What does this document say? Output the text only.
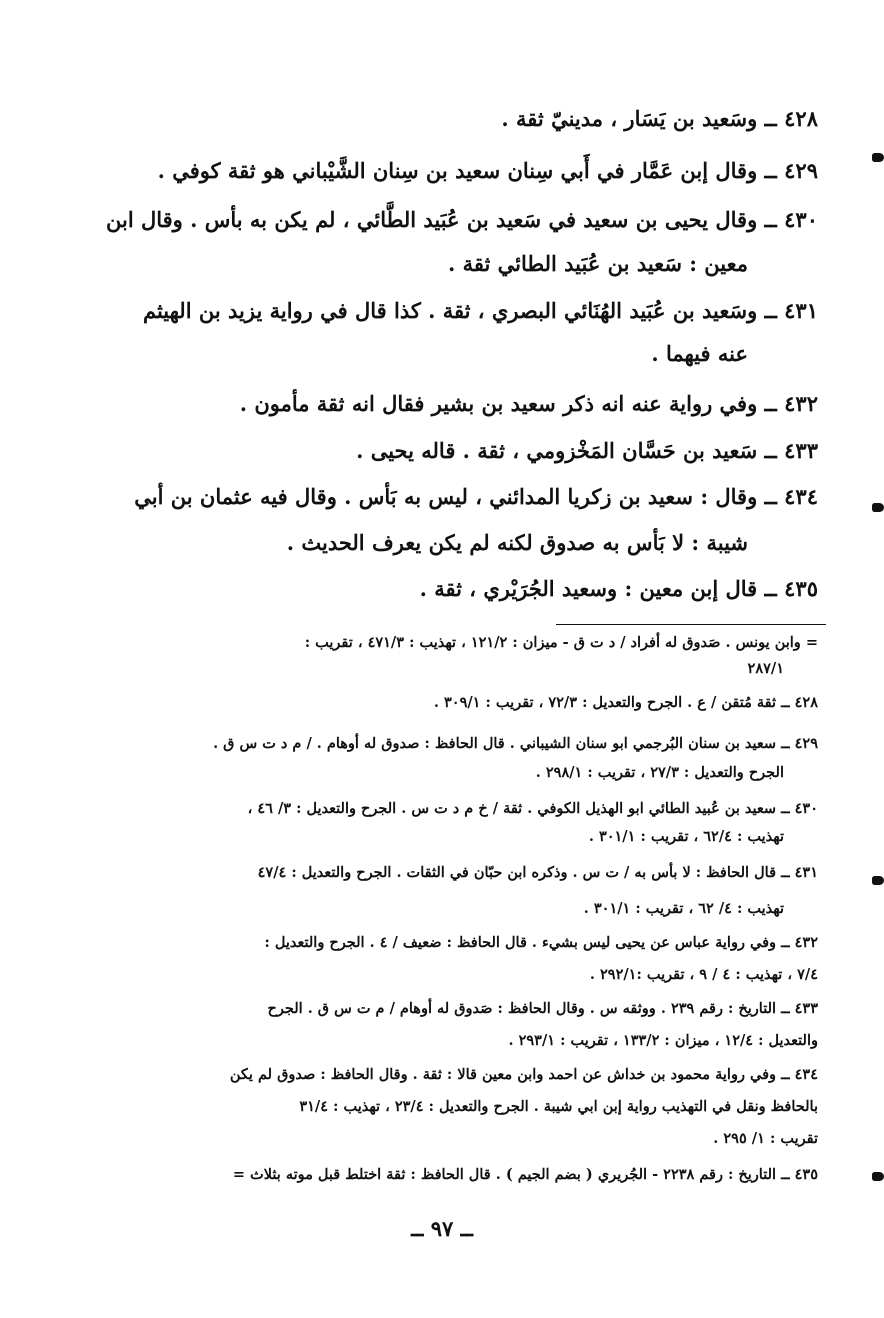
٤٢٨ ــ وسَعيد بن يَسَار ، مدينيّ ثقة .
٤٢٩ ــ وقال إبن عَمَّار في أَبي سِنان سعيد بن سِنان الشَّيْباني هو ثقة كوفي .
٤٣٠ ــ وقال يحيى بن سعيد في سَعيد بن عُبَيد الطَّائي ، لم يكن به بأس . وقال ابن
معين : سَعيد بن عُبَيد الطائي ثقة .
٤٣١ ــ وسَعيد بن عُبَيد الهُنَائي البصري ، ثقة . كذا قال في رواية يزيد بن الهيثم
عنه فيهما .
٤٣٢ ــ وفي رواية عنه انه ذكر سعيد بن بشير فقال انه ثقة مأمون .
٤٣٣ ــ سَعيد بن حَسَّان المَخْزومي ، ثقة . قاله يحيى .
٤٣٤ ــ وقال : سعيد بن زكريا المدائني ، ليس به بَأس . وقال فيه عثمان بن أبي
شيبة : لا بَأس به صدوق لكنه لم يكن يعرف الحديث .
٤٣٥ ــ قال إبن معين : وسعيد الجُرَيْري ، ثقة .
= وابن يونس . صَدوق له أفراد / د ت ق - ميزان : ١٢١/٢ ، تهذيب : ٤٧١/٣ ، تقريب :
٢٨٧/١
٤٢٨ ــ ثقة مُتقن / ع . الجرح والتعديل : ٧٢/٣ ، تقريب : ٣٠٩/١ .
٤٢٩ ــ سعيد بن سنان البُرجمي ابو سنان الشيباني . قال الحافظ : صدوق له أوهام . / م د ت س ق .
الجرح والتعديل : ٢٧/٣ ، تقريب : ٢٩٨/١ .
٤٣٠ ــ سعيد بن عُبيد الطائي ابو الهذيل الكوفي . ثقة / خ م د ت س . الجرح والتعديل : ٣/ ٤٦ ،
تهذيب : ٦٢/٤ ، تقريب : ٣٠١/١ .
٤٣١ ــ قال الحافظ : لا بأس به / ت س . وذكره ابن حبّان في الثقات . الجرح والتعديل : ٤٧/٤
تهذيب : ٤/ ٦٢ ، تقريب : ٣٠١/١ .
٤٣٢ ــ وفي رواية عباس عن يحيى ليس بشيء . قال الحافظ : ضعيف / ٤ . الجرح والتعديل :
٧/٤ ، تهذيب : ٤ / ٩ ، تقريب :٢٩٢/١ .
٤٣٣ ــ التاريخ : رقم ٢٣٩ . ووثقه س . وقال الحافظ : صَدوق له أوهام / م ت س ق . الجرح
والتعديل : ١٢/٤ ، ميزان : ١٣٣/٢ ، تقريب : ٢٩٣/١ .
٤٣٤ ــ وفي رواية محمود بن خداش عن احمد وابن معين قالا : ثقة . وقال الحافظ : صدوق لم يكن
بالحافظ ونقل في التهذيب رواية إبن ابي شيبة . الجرح والتعديل : ٢٣/٤ ، تهذيب : ٣١/٤
تقريب : ١/ ٢٩٥ .
٤٣٥ ــ التاريخ : رقم ٢٢٣٨ - الجُريري ( بضم الجيم ) . قال الحافظ : ثقة اختلط قبل موته بثلاث =
ــ ٩٧ ــ
